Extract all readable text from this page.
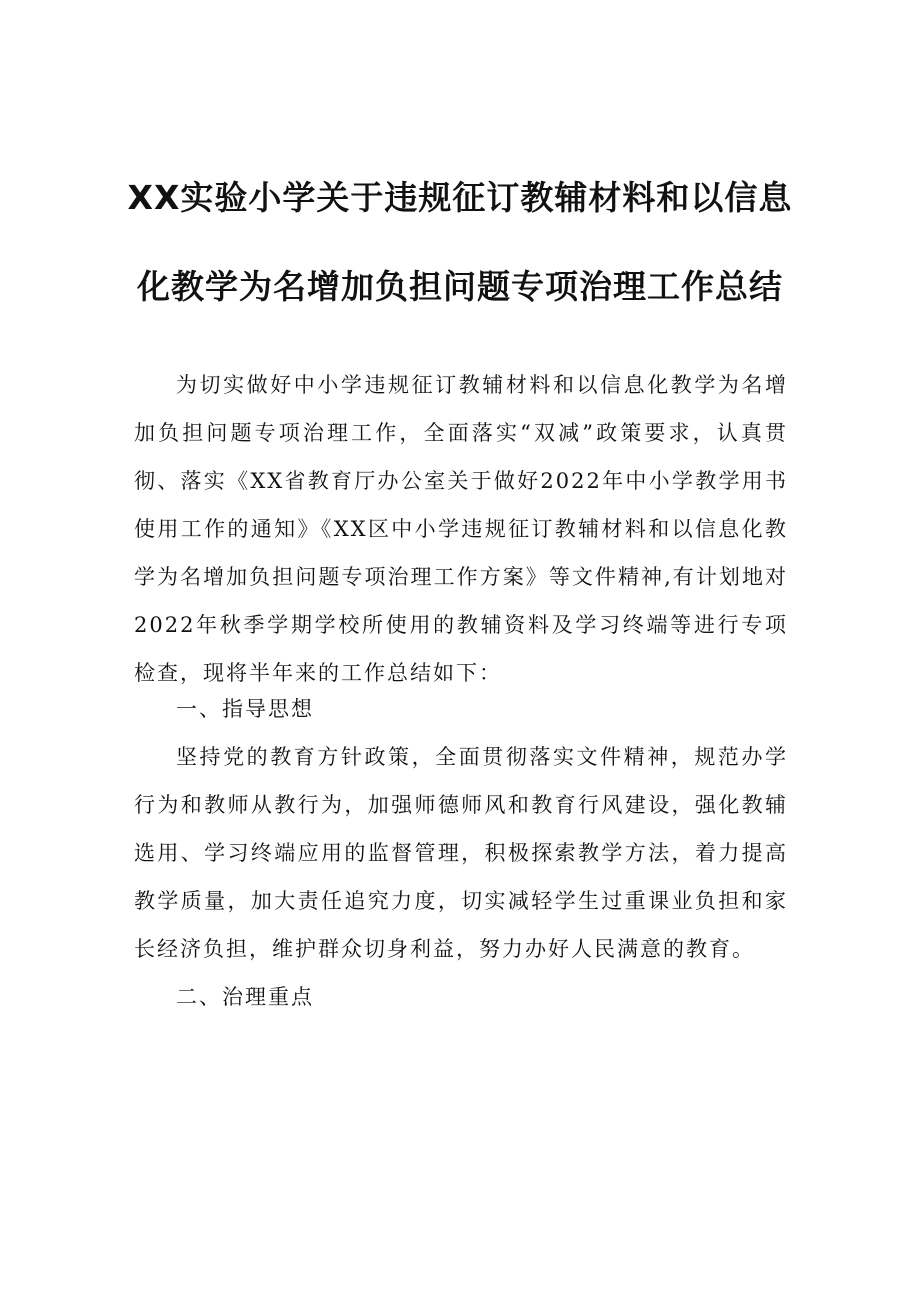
XX实验小学关于违规征订教辅材料和以信息
化教学为名增加负担问题专项治理工作总结

为切实做好中小学违规征订教辅材料和以信息化教学为名增加负担问题专项治理工作，全面落实“双减”政策要求，认真贯彻、落实《XX省教育厅办公室关于做好2022年中小学教学用书使用工作的通知》《XX区中小学违规征订教辅材料和以信息化教学为名增加负担问题专项治理工作方案》等文件精神,有计划地对2022年秋季学期学校所使用的教辅资料及学习终端等进行专项检查，现将半年来的工作总结如下：

一、指导思想

坚持党的教育方针政策，全面贯彻落实文件精神，规范办学行为和教师从教行为，加强师德师风和教育行风建设，强化教辅选用、学习终端应用的监督管理，积极探索教学方法，着力提高教学质量，加大责任追究力度，切实减轻学生过重课业负担和家长经济负担，维护群众切身利益，努力办好人民满意的教育。

二、治理重点
